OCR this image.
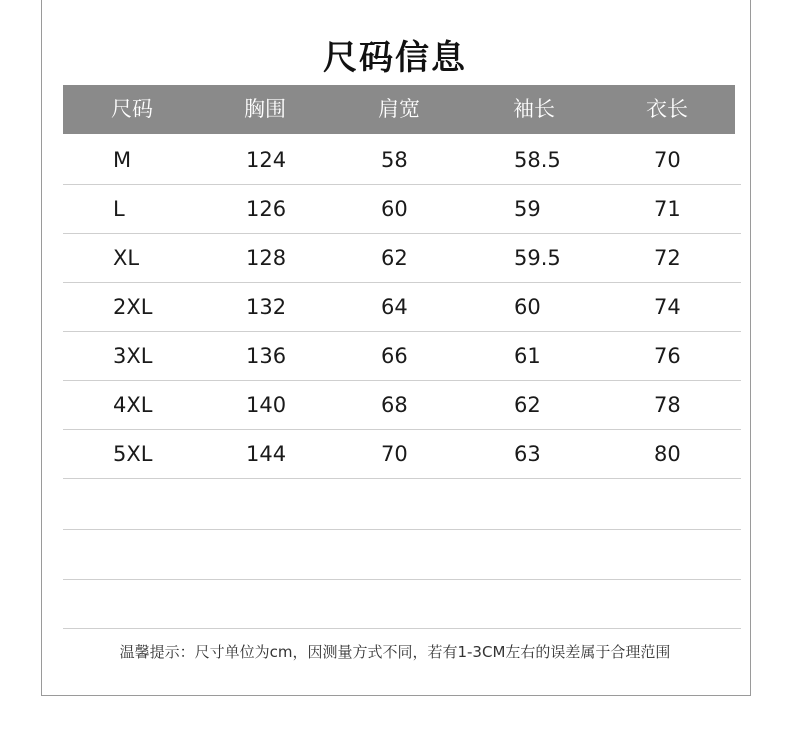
尺码信息
尺码	胸围	肩宽	袖长	衣长
M	124	58	58.5	70
L	126	60	59	71
XL	128	62	59.5	72
2XL	132	64	60	74
3XL	136	66	61	76
4XL	140	68	62	78
5XL	144	70	63	80
温馨提示：尺寸单位为cm，因测量方式不同，若有1-3CM左右的误差属于合理范围
